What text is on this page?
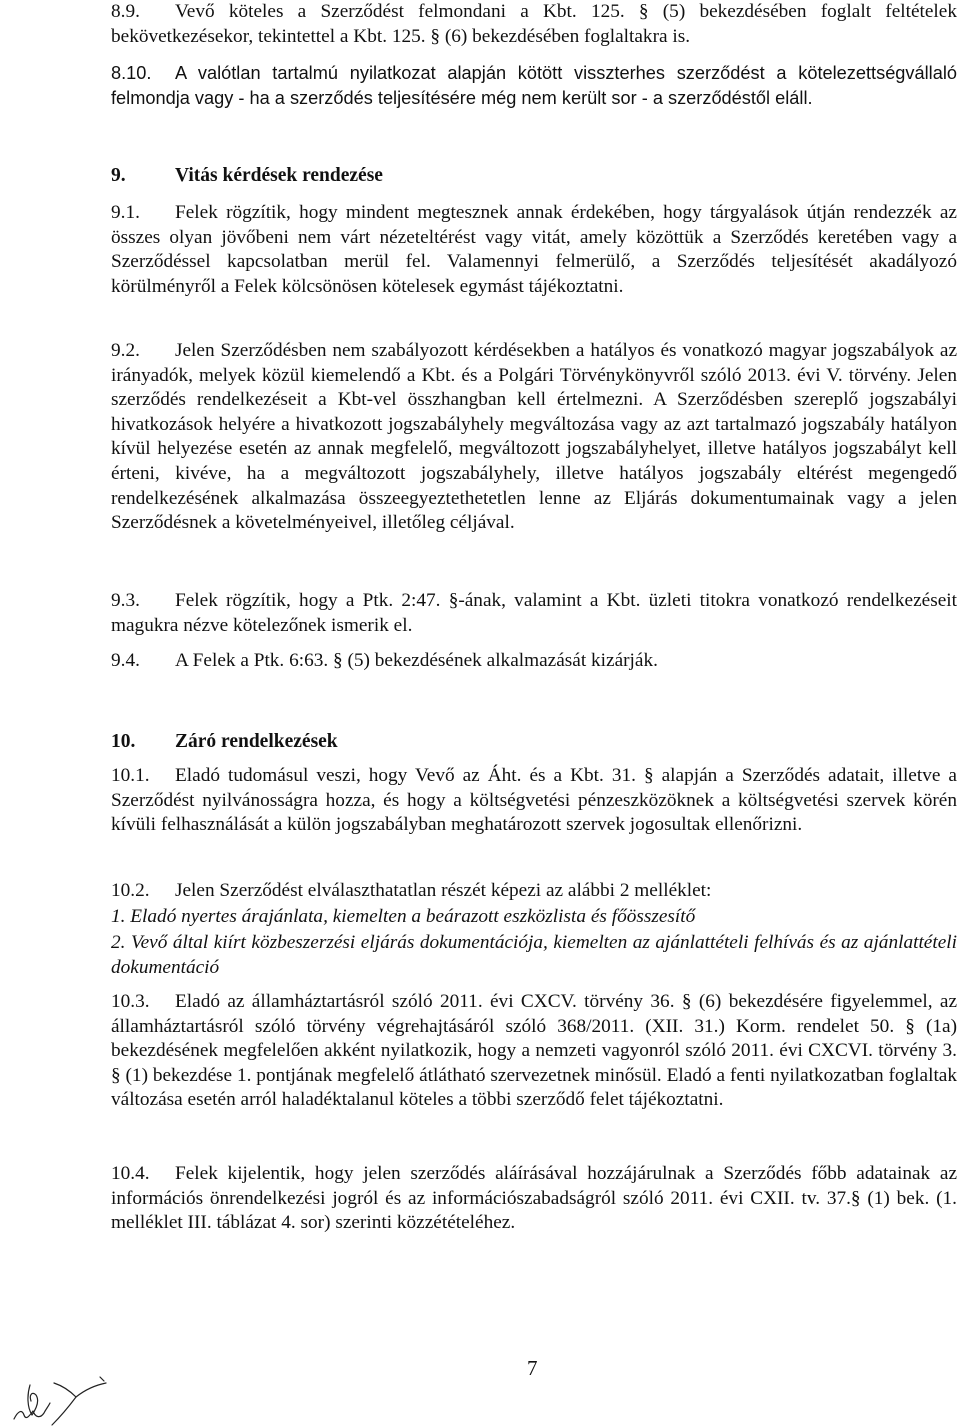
8.9. Vevő köteles a Szerződést felmondani a Kbt. 125. § (5) bekezdésében foglalt feltételek bekövetkezésekor, tekintettel a Kbt. 125. § (6) bekezdésében foglaltakra is.
8.10. A valótlan tartalmú nyilatkozat alapján kötött visszterhes szerződést a kötelezettségvállaló felmondja vagy - ha a szerződés teljesítésére még nem került sor - a szerződéstől eláll.
9.	Vitás kérdések rendezése
9.1. Felek rögzítik, hogy mindent megtesznek annak érdekében, hogy tárgyalások útján rendezzék az összes olyan jövőbeni nem várt nézeteltérést vagy vitát, amely közöttük a Szerződés keretében vagy a Szerződéssel kapcsolatban merül fel. Valamennyi felmerülő, a Szerződés teljesítését akadályozó körülményről a Felek kölcsönösen kötelesek egymást tájékoztatni.
9.2. Jelen Szerződésben nem szabályozott kérdésekben a hatályos és vonatkozó magyar jogszabályok az irányadók, melyek közül kiemelendő a Kbt. és a Polgári Törvénykönyvről szóló 2013. évi V. törvény. Jelen szerződés rendelkezéseit a Kbt-vel összhangban kell értelmezni. A Szerződésben szereplő jogszabályi hivatkozások helyére a hivatkozott jogszabályhely megváltozása vagy az azt tartalmazó jogszabály hatályon kívül helyezése esetén az annak megfelelő, megváltozott jogszabályhelyet, illetve hatályos jogszabályt kell érteni, kivéve, ha a megváltozott jogszabályhely, illetve hatályos jogszabály eltérést megengedő rendelkezésének alkalmazása összeegyeztethetetlen lenne az Eljárás dokumentumainak vagy a jelen Szerződésnek a követelményeivel, illetőleg céljával.
9.3. Felek rögzítik, hogy a Ptk. 2:47. §-ának, valamint a Kbt. üzleti titokra vonatkozó rendelkezéseit magukra nézve kötelezőnek ismerik el.
9.4. A Felek a Ptk. 6:63. § (5) bekezdésének alkalmazását kizárják.
10. Záró rendelkezések
10.1. Eladó tudomásul veszi, hogy Vevő az Áht. és a Kbt. 31. § alapján a Szerződés adatait, illetve a Szerződést nyilvánosságra hozza, és hogy a költségvetési pénzeszközöknek a költségvetési szervek körén kívüli felhasználását a külön jogszabályban meghatározott szervek jogosultak ellenőrizni.
10.2. Jelen Szerződést elválaszthatatlan részét képezi az alábbi 2 melléklet:
1. Eladó nyertes árajánlata, kiemelten a beárazott eszközlista és főösszesítő
2. Vevő által kiírt közbeszerzési eljárás dokumentációja, kiemelten az ajánlattételi felhívás és az ajánlattételi dokumentáció
10.3. Eladó az államháztartásról szóló 2011. évi CXCV. törvény 36. § (6) bekezdésére figyelemmel, az államháztartásról szóló törvény végrehajtásáról szóló 368/2011. (XII. 31.) Korm. rendelet 50. § (1a) bekezdésének megfelelően akként nyilatkozik, hogy a nemzeti vagyonról szóló 2011. évi CXCVI. törvény 3. § (1) bekezdése 1. pontjának megfelelő átlátható szervezetnek minősül. Eladó a fenti nyilatkozatban foglaltak változása esetén arról haladéktalanul köteles a többi szerződő felet tájékoztatni.
10.4. Felek kijelentik, hogy jelen szerződés aláírásával hozzájárulnak a Szerződés főbb adatainak az információs önrendelkezési jogról és az információszabadságról szóló 2011. évi CXII. tv. 37.§ (1) bek. (1. melléklet III. táblázat 4. sor) szerinti közzétételéhez.
7
